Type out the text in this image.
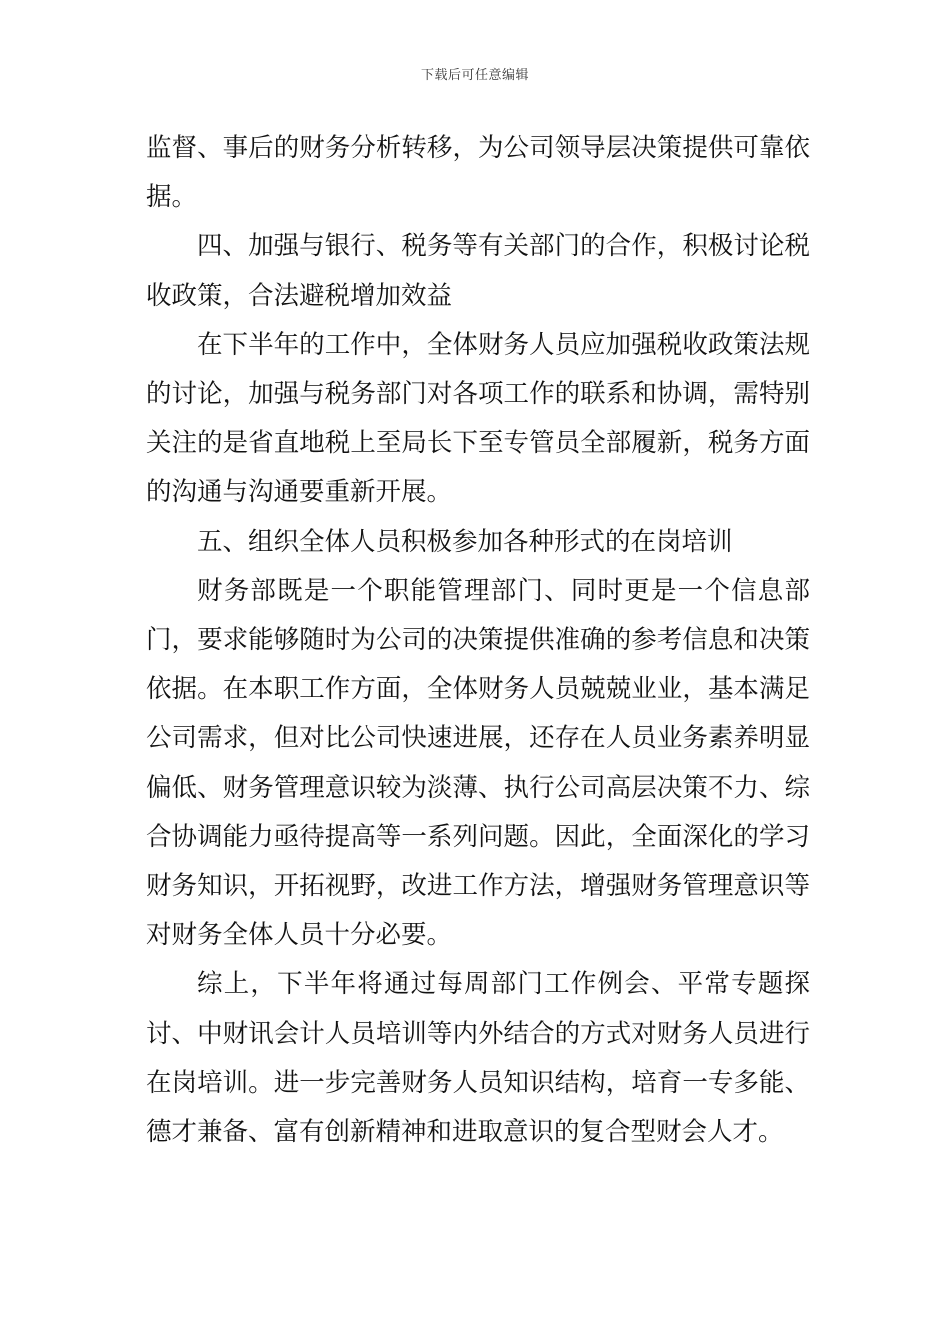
下载后可任意编辑

监督、事后的财务分析转移，为公司领导层决策提供可靠依据。

四、加强与银行、税务等有关部门的合作，积极讨论税收政策，合法避税增加效益

在下半年的工作中，全体财务人员应加强税收政策法规的讨论，加强与税务部门对各项工作的联系和协调，需特别关注的是省直地税上至局长下至专管员全部履新，税务方面的沟通与沟通要重新开展。

五、组织全体人员积极参加各种形式的在岗培训

财务部既是一个职能管理部门、同时更是一个信息部门，要求能够随时为公司的决策提供准确的参考信息和决策依据。在本职工作方面，全体财务人员兢兢业业，基本满足公司需求，但对比公司快速进展，还存在人员业务素养明显偏低、财务管理意识较为淡薄、执行公司高层决策不力、综合协调能力亟待提高等一系列问题。因此，全面深化的学习财务知识，开拓视野，改进工作方法，增强财务管理意识等对财务全体人员十分必要。

综上，下半年将通过每周部门工作例会、平常专题探讨、中财讯会计人员培训等内外结合的方式对财务人员进行在岗培训。进一步完善财务人员知识结构，培育一专多能、德才兼备、富有创新精神和进取意识的复合型财会人才。
